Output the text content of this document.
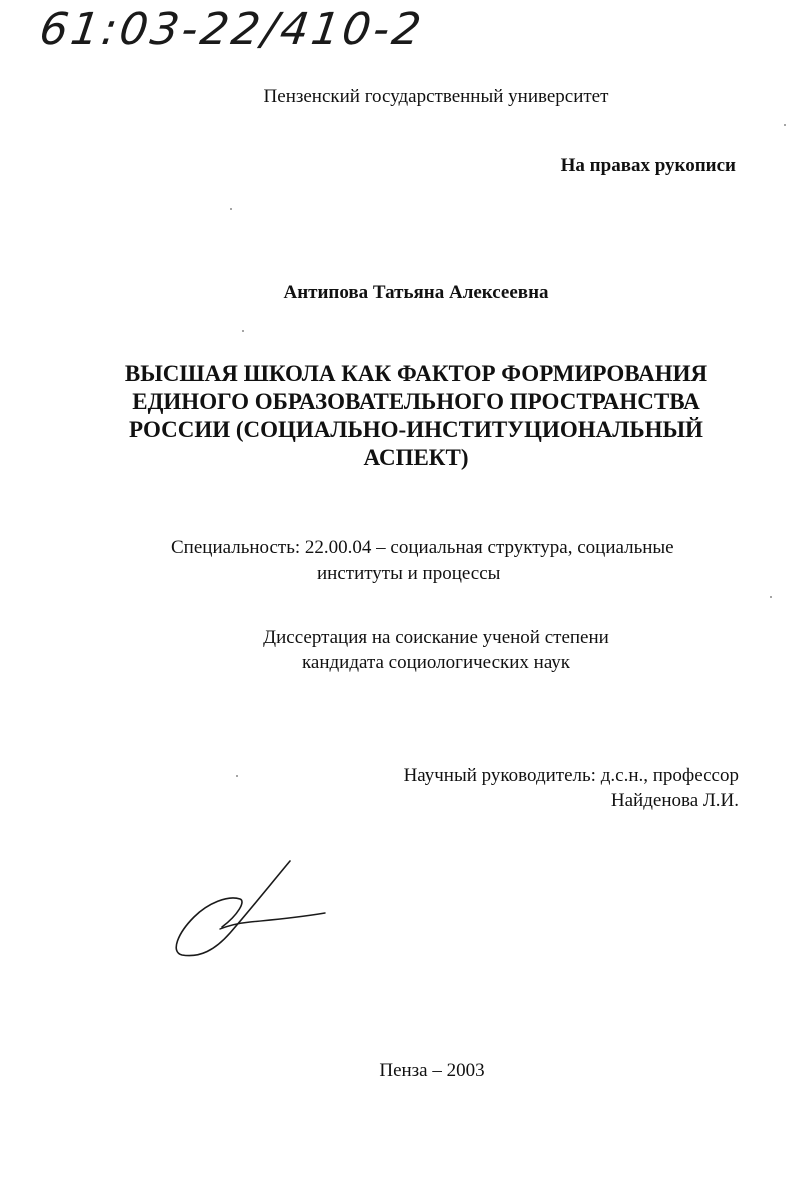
61:03-22/410-2
Пензенский государственный университет
На правах рукописи
Антипова Татьяна Алексеевна
ВЫСШАЯ ШКОЛА КАК ФАКТОР ФОРМИРОВАНИЯ
ЕДИНОГО ОБРАЗОВАТЕЛЬНОГО ПРОСТРАНСТВА
РОССИИ (СОЦИАЛЬНО-ИНСТИТУЦИОНАЛЬНЫЙ
АСПЕКТ)
Специальность: 22.00.04 – социальная структура, социальные
институты и процессы
Диссертация на соискание ученой степени
кандидата социологических наук
Научный руководитель: д.с.н., профессор
Найденова Л.И.
Пенза – 2003
